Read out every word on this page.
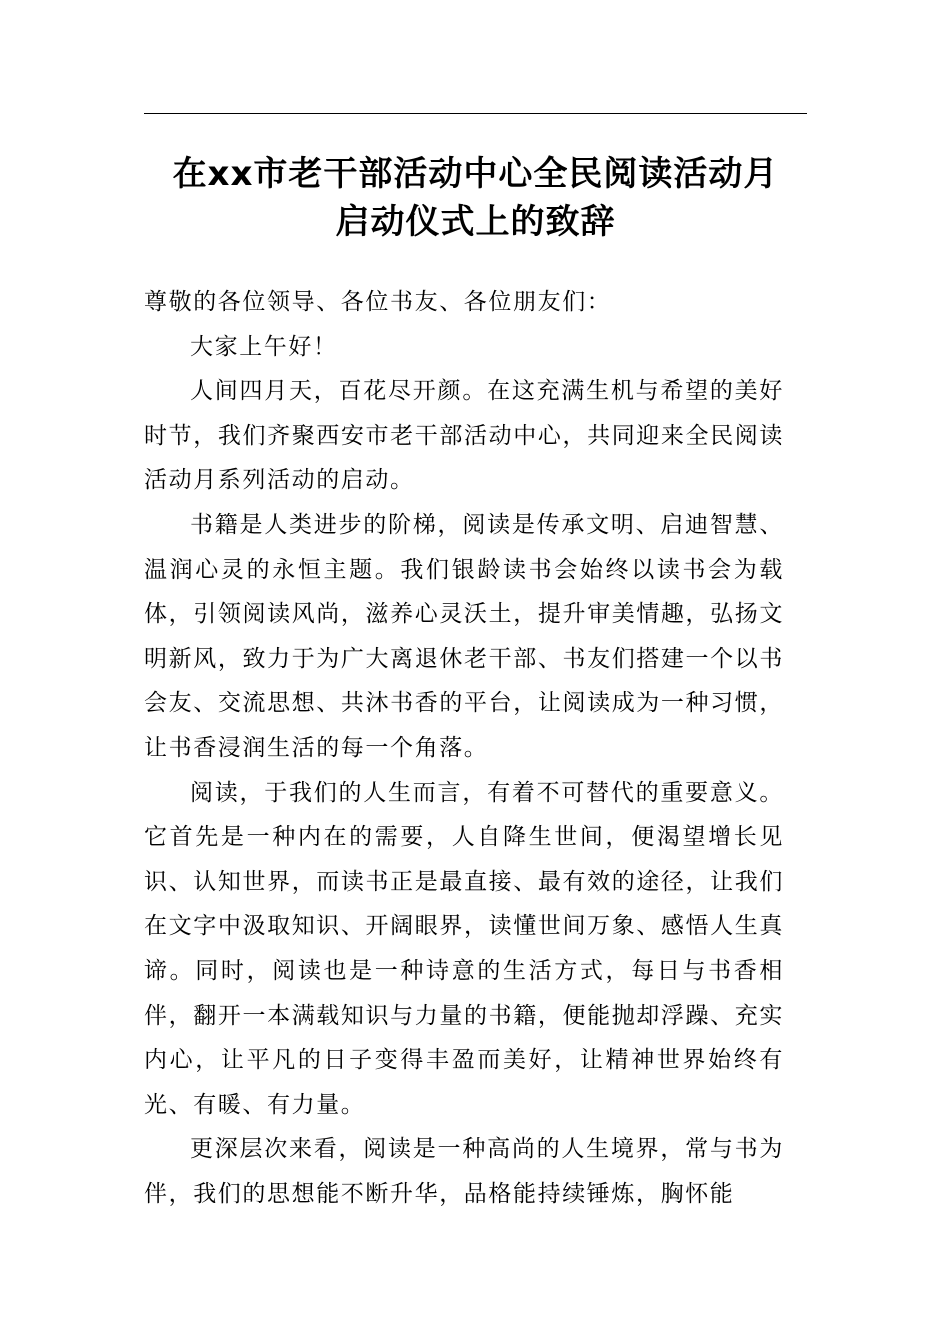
在xx市老干部活动中心全民阅读活动月
启动仪式上的致辞

尊敬的各位领导、各位书友、各位朋友们：

大家上午好！

人间四月天，百花尽开颜。在这充满生机与希望的美好时节，我们齐聚西安市老干部活动中心，共同迎来全民阅读活动月系列活动的启动。

书籍是人类进步的阶梯，阅读是传承文明、启迪智慧、温润心灵的永恒主题。我们银龄读书会始终以读书会为载体，引领阅读风尚，滋养心灵沃土，提升审美情趣，弘扬文明新风，致力于为广大离退休老干部、书友们搭建一个以书会友、交流思想、共沐书香的平台，让阅读成为一种习惯，让书香浸润生活的每一个角落。

阅读，于我们的人生而言，有着不可替代的重要意义。它首先是一种内在的需要，人自降生世间，便渴望增长见识、认知世界，而读书正是最直接、最有效的途径，让我们在文字中汲取知识、开阔眼界，读懂世间万象、感悟人生真谛。同时，阅读也是一种诗意的生活方式，每日与书香相伴，翻开一本满载知识与力量的书籍，便能抛却浮躁、充实内心，让平凡的日子变得丰盈而美好，让精神世界始终有光、有暖、有力量。

更深层次来看，阅读是一种高尚的人生境界，常与书为伴，我们的思想能不断升华，品格能持续锤炼，胸怀能
